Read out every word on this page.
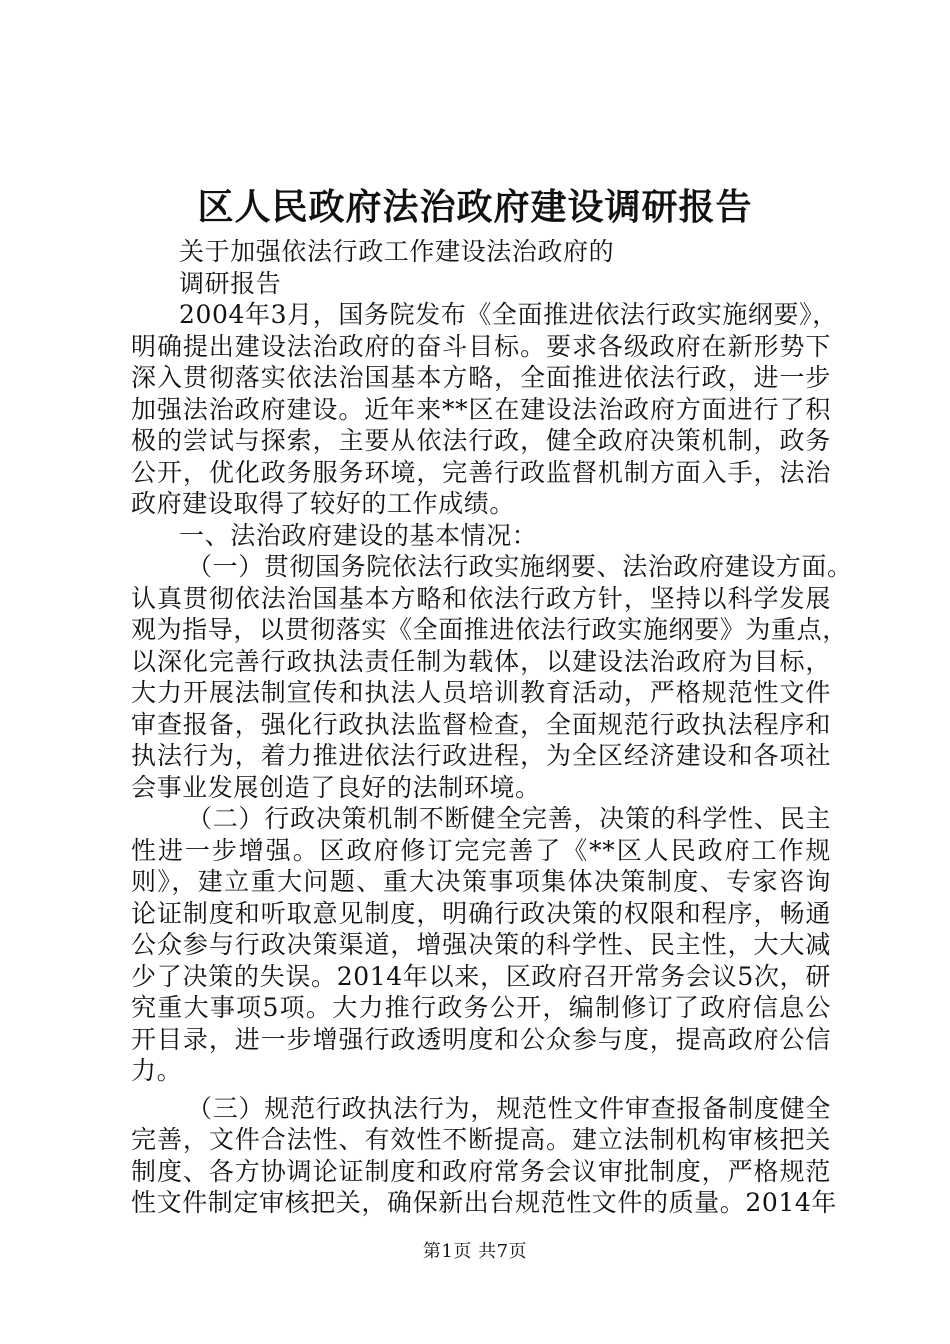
区人民政府法治政府建设调研报告
关于加强依法行政工作建设法治政府的
调研报告
2004年3月，国务院发布《全面推进依法行政实施纲要》，
明确提出建设法治政府的奋斗目标。要求各级政府在新形势下
深入贯彻落实依法治国基本方略，全面推进依法行政，进一步
加强法治政府建设。近年来**区在建设法治政府方面进行了积
极的尝试与探索，主要从依法行政，健全政府决策机制，政务
公开，优化政务服务环境，完善行政监督机制方面入手，法治
政府建设取得了较好的工作成绩。
一、法治政府建设的基本情况：
（一）贯彻国务院依法行政实施纲要、法治政府建设方面。
认真贯彻依法治国基本方略和依法行政方针，坚持以科学发展
观为指导，以贯彻落实《全面推进依法行政实施纲要》为重点，
以深化完善行政执法责任制为载体，以建设法治政府为目标，
大力开展法制宣传和执法人员培训教育活动，严格规范性文件
审查报备，强化行政执法监督检查，全面规范行政执法程序和
执法行为，着力推进依法行政进程，为全区经济建设和各项社
会事业发展创造了良好的法制环境。
（二）行政决策机制不断健全完善，决策的科学性、民主
性进一步增强。区政府修订完完善了《**区人民政府工作规
则》，建立重大问题、重大决策事项集体决策制度、专家咨询
论证制度和听取意见制度，明确行政决策的权限和程序，畅通
公众参与行政决策渠道，增强决策的科学性、民主性，大大减
少了决策的失误。2014年以来，区政府召开常务会议5次，研
究重大事项5项。大力推行政务公开，编制修订了政府信息公
开目录，进一步增强行政透明度和公众参与度，提高政府公信
力。
（三）规范行政执法行为，规范性文件审查报备制度健全
完善，文件合法性、有效性不断提高。建立法制机构审核把关
制度、各方协调论证制度和政府常务会议审批制度，严格规范
性文件制定审核把关，确保新出台规范性文件的质量。2014年
第1页 共7页
